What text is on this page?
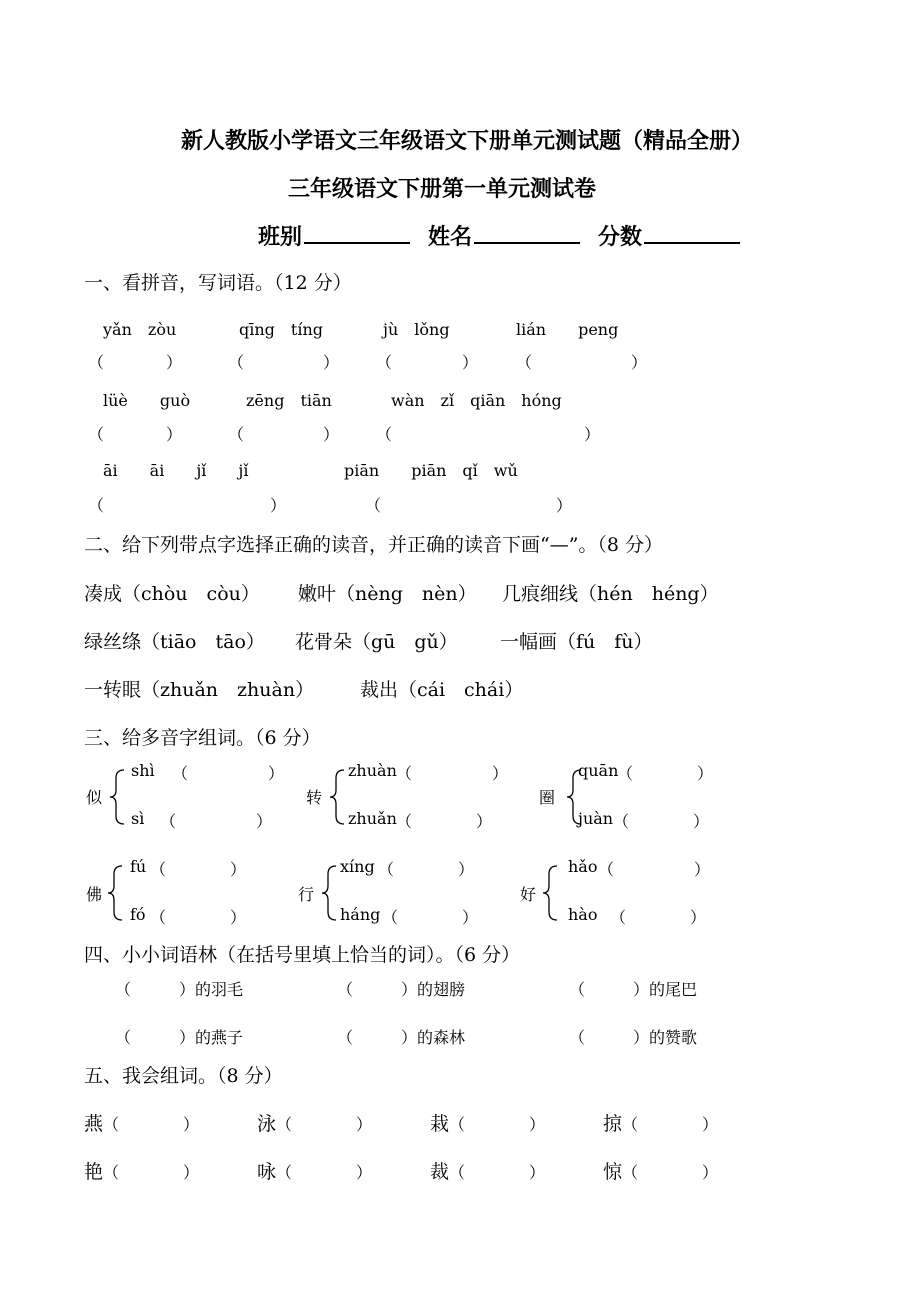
新人教版小学语文三年级语文下册单元测试题（精品全册）
三年级语文下册第一单元测试卷
班别	姓名	分数
一、看拼音，写词语。（12 分）
yǎn　zòu	qīng　tíng	jù　lǒng	lián　　peng
（	）	（	） （	） （	）
lüè　　guò	zēng　tiān	wàn　zǐ　qiān　hóng
（	）	（	） （	）
āi　　āi　　jǐ　　jǐ	piān　　piān　qǐ　wǔ
（	）	（	）
二、给下列带点字选择正确的读音，并正确的读音下画“—”。（8 分）
凑成（chòu　còu） 嫩叶（nèng　nèn） 几痕细线（hén　héng）
绿丝绦（tiāo　tāo） 花骨朵（gū　gǔ） 一幅画（fú　fù）
一转眼（zhuǎn　zhuàn） 裁出（cái　chái）
三、给多音字组词。（6 分）
似
shì （　　　　　）
sì （　　　　　）
转
zhuàn （　　　　　）
zhuǎn （　　　　）
圈
quān
（　　　　）
juàn （　　　　）
佛
fú （　　　　）
fó （　　　　）
行
xíng （　　　　）
háng （　　　　）
好
hǎo （　　　　　）
hào （　　　　）
四、小小词语林（在括号里填上恰当的词）。（6 分）
（　　　）的羽毛	（　　　）的翅膀	（　　　）的尾巴
（　　　）的燕子	（　　　）的森林	（　　　）的赞歌
五、我会组词。（8 分）
燕（　　　　）	泳（　　　　）	栽（　　　　）	掠（　　　　）
艳（　　　　）	咏（　　　　）	裁（　　　　）	惊（　　　　）
